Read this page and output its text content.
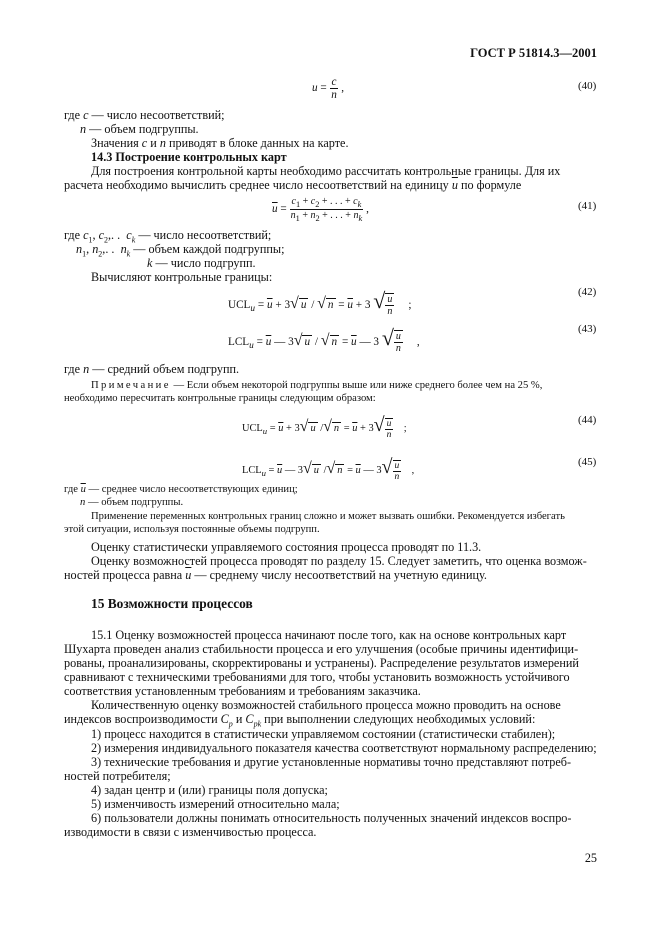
ГОСТ Р 51814.3—2001
$u = \frac{c}{n}$ ,	(40)
где c — число несоответствий;
n — объем подгруппы.
Значения c и n приводят в блоке данных на карте.
14.3 Построение контрольных карт
Для построения контрольной карты необходимо рассчитать контрольные границы. Для их
расчета необходимо вычислить среднее число несоответствий на единицу $\overline{u}$ по формуле
$\overline{u} = \frac{c_1 + c_2 + . . . + c_k}{n_1 + n_2 + . . . + n_k}$ ,	(41)
где $c_1$, $c_2$,. .  $c_k$ — число несоответствий;
$n_1$, $n_2$,. .  $n_k$ — объем каждой подгруппы;
k — число подгрупп.
Вычисляют контрольные границы:
$UCL_u = \overline{u} + 3√$ u / √ $n = \overline{u} + 3$ √ $\frac{u}{n}$ ;
(42)
$LCL_u = \overline{u}$ — 3√ u / √ $n = \overline{u}$ — 3 √ $\frac{u}{n}$ ,
(43)
где n — средний объем подгрупп.
Примечание — Если объем некоторой подгруппы выше или ниже среднего более чем на 25 %,
необходимо пересчитать контрольные границы следующим образом:
$UCL_u = \overline{u} + 3√$ u /√ $n = \overline{u} + 3√ \frac{u}{n}$ ;
(44)
$LCL_u = \overline{u}$ — 3√ u /√ $n = \overline{u}$ — $3√ \frac{u}{n}$ ,
(45)
где $\overline{u}$ — среднее число несоответствующих единиц;
n — объем подгруппы.
Применение переменных контрольных границ сложно и может вызвать ошибки. Рекомендуется избегать
этой ситуации, используя постоянные объемы подгрупп.
Оценку статистически управляемого состояния процесса проводят по 11.3.
Оценку возможностей процесса проводят по разделу 15. Следует заметить, что оценка возмож-
ностей процесса равна $\overline{u}$ — среднему числу несоответствий на учетную единицу.
15 Возможности процессов
15.1 Оценку возможностей процесса начинают после того, как на основе контрольных карт
Шухарта проведен анализ стабильности процесса и его улучшения (особые причины идентифици-
рованы, проанализированы, скорректированы и устранены). Распределение результатов измерений
сравнивают с техническими требованиями для того, чтобы установить возможность устойчивого
соответствия установленным требованиям и требованиям заказчика.
Количественную оценку возможностей стабильного процесса можно проводить на основе
индексов воспроизводимости $C_p$ и $C_{pk}$ при выполнении следующих необходимых условий:
1) процесс находится в статистически управляемом состоянии (статистически стабилен);
2) измерения индивидуального показателя качества соответствуют нормальному распределению;
3) технические требования и другие установленные нормативы точно представляют потреб-
ностей потребителя;
4) задан центр и (или) границы поля допуска;
5) изменчивость измерений относительно мала;
6) пользователи должны понимать относительность полученных значений индексов воспро-
изводимости в связи с изменчивостью процесса.
25
